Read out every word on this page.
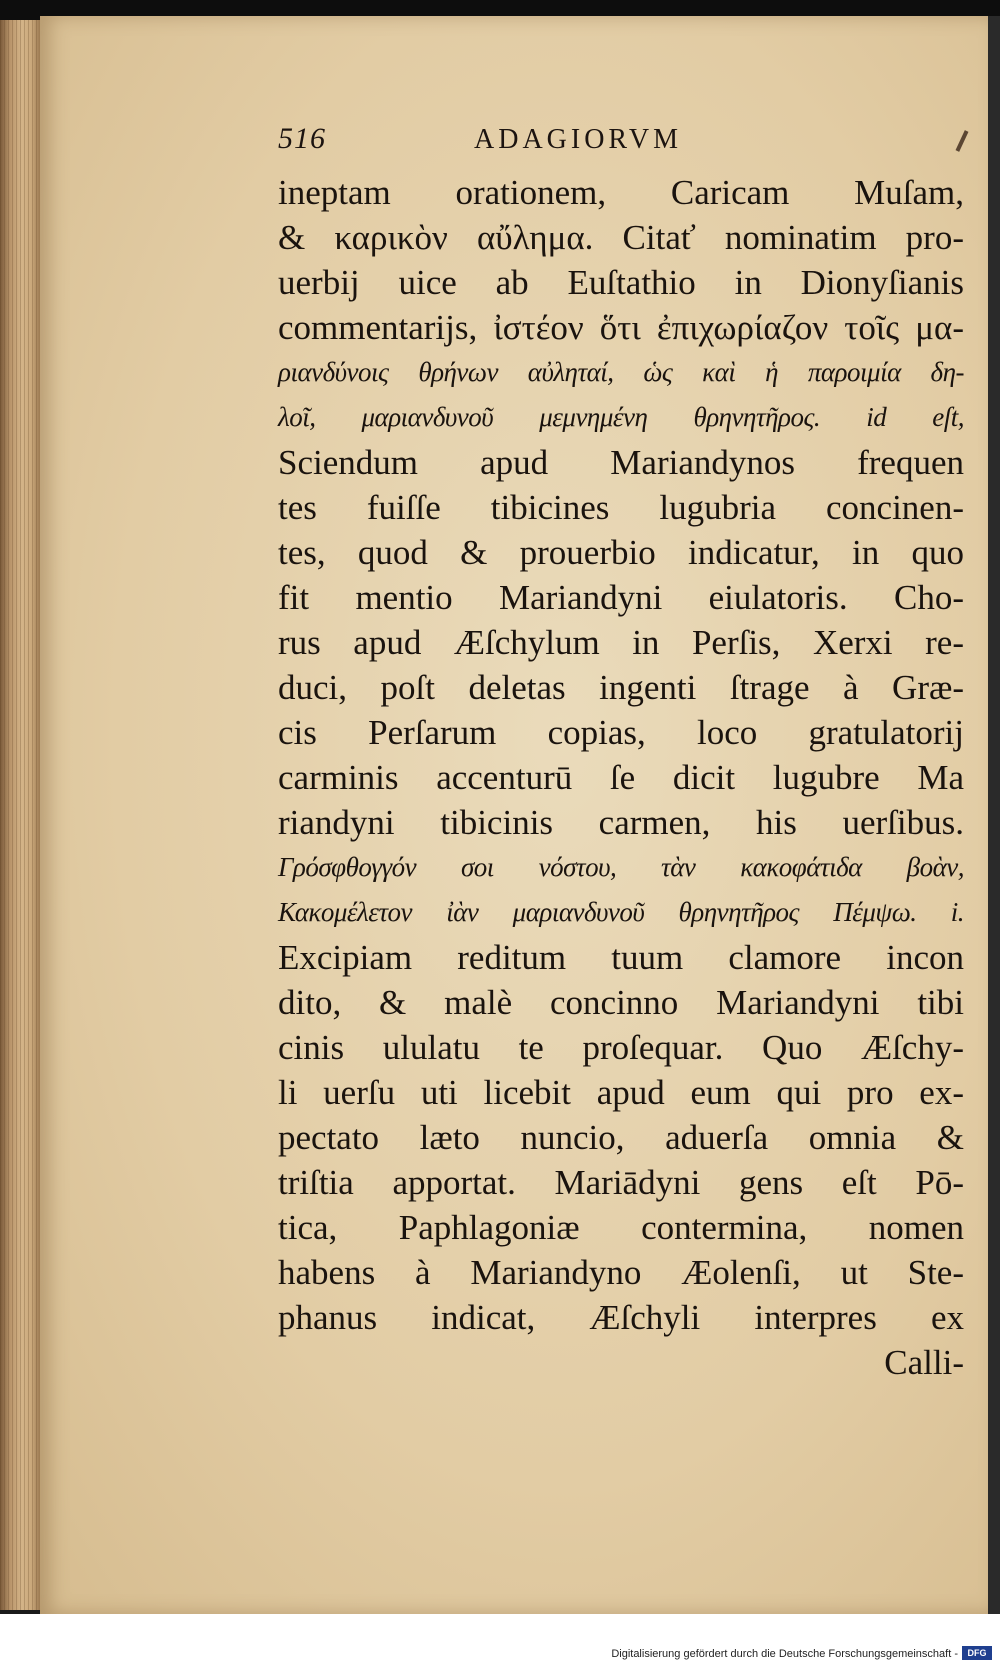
516	ADAGIORVM
ineptam orationem, Caricam Muſam,
& καρικὸν αὔλημα. Citať nominatim pro-
uerbij uice ab Euſtathio in Dionyſianis
commentarijs, ἰστέον ὅτι ἐπιχωρίαζον τοῖς μα-
ριανδύνοις θρήνων αὐληταί, ὡς καὶ ἡ παροιμία δη-
λοῖ, μαριανδυνοῦ μεμνημένη θρηνητῆρος. id eſt,
Sciendum apud Mariandynos frequen
tes fuiſſe tibicines lugubria concinen-
tes, quod & prouerbio indicatur, in quo
fit mentio Mariandyni eiulatoris. Cho-
rus apud Æſchylum in Perſis, Xerxi re-
duci, poſt deletas ingenti ſtrage à Græ-
cis Perſarum copias, loco gratulatorij
carminis accenturū ſe dicit lugubre Ma
riandyni tibicinis carmen, his uerſibus.
Γρόσφθογγόν σοι νόστου, τὰν κακοφάτιδα βοὰν,
Κακομέλετον ἰὰν μαριανδυνοῦ θρηνητῆρος Πέμψω. i.
Excipiam reditum tuum clamore incon
dito, & malè concinno Mariandyni tibi
cinis ululatu te proſequar. Quo Æſchy-
li uerſu uti licebit apud eum qui pro ex-
pectato læto nuncio, aduerſa omnia &
triſtia apportat. Mariādyni gens eſt Pō-
tica, Paphlagoniæ contermina, nomen
habens à Mariandyno Æolenſi, ut Ste-
phanus indicat, Æſchyli interpres ex
Calli-
Digitalisierung gefördert durch die Deutsche Forschungsgemeinschaft -	DFG
